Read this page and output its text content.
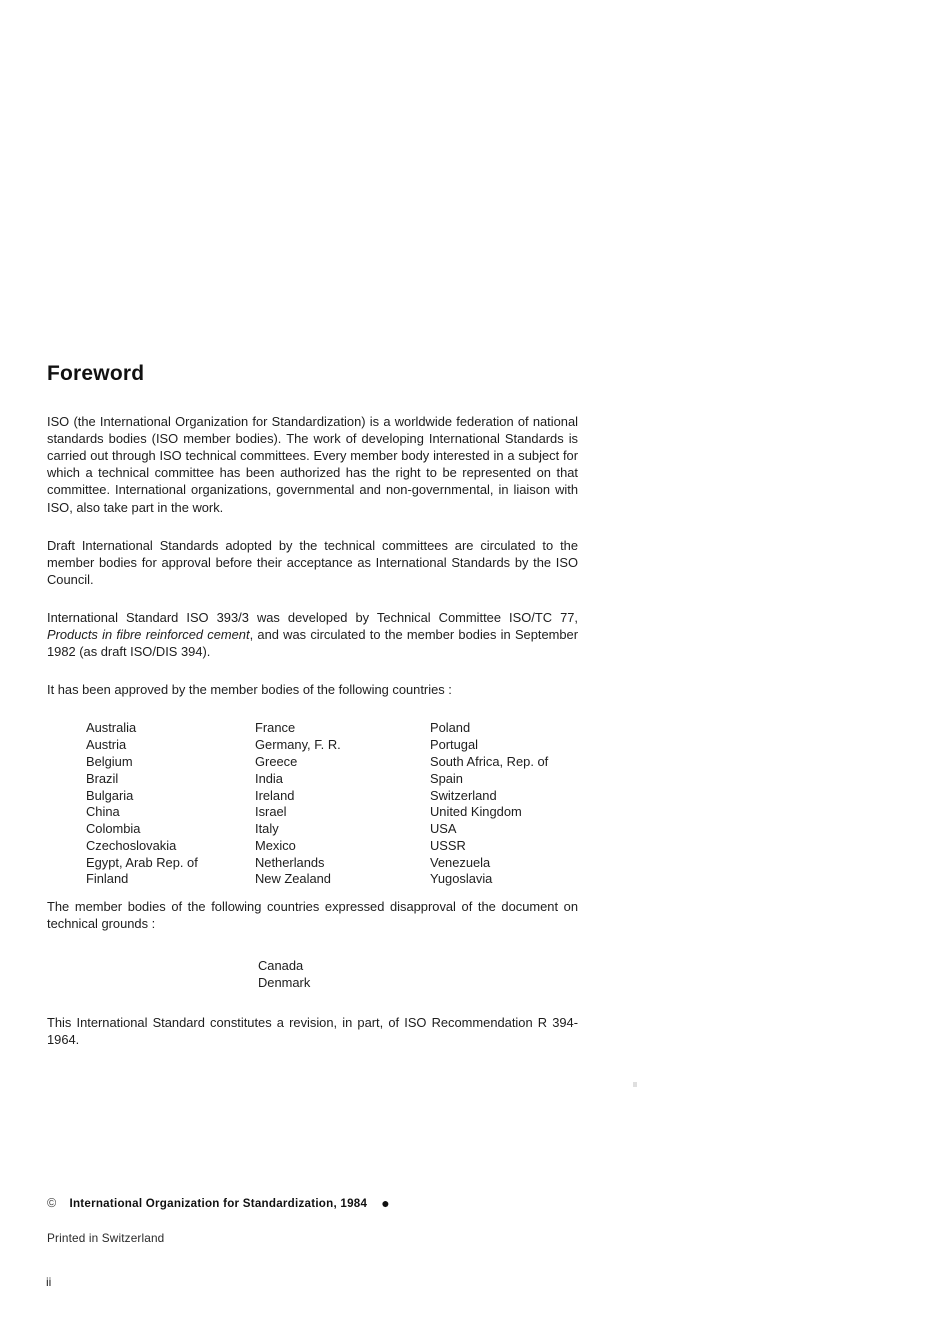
Foreword

ISO (the International Organization for Standardization) is a worldwide federation of national standards bodies (ISO member bodies). The work of developing International Standards is carried out through ISO technical committees. Every member body interested in a subject for which a technical committee has been authorized has the right to be represented on that committee. International organizations, governmental and non-governmental, in liaison with ISO, also take part in the work.

Draft International Standards adopted by the technical committees are circulated to the member bodies for approval before their acceptance as International Standards by the ISO Council.

International Standard ISO 393/3 was developed by Technical Committee ISO/TC 77, Products in fibre reinforced cement, and was circulated to the member bodies in September 1982 (as draft ISO/DIS 394).

It has been approved by the member bodies of the following countries :

Australia
Austria
Belgium
Brazil
Bulgaria
China
Colombia
Czechoslovakia
Egypt, Arab Rep. of
Finland
France
Germany, F. R.
Greece
India
Ireland
Israel
Italy
Mexico
Netherlands
New Zealand
Poland
Portugal
South Africa, Rep. of
Spain
Switzerland
United Kingdom
USA
USSR
Venezuela
Yugoslavia

The member bodies of the following countries expressed disapproval of the document on technical grounds :

Canada
Denmark

This International Standard constitutes a revision, in part, of ISO Recommendation R 394-1964.

© International Organization for Standardization, 1984 ●
Printed in Switzerland
ii
